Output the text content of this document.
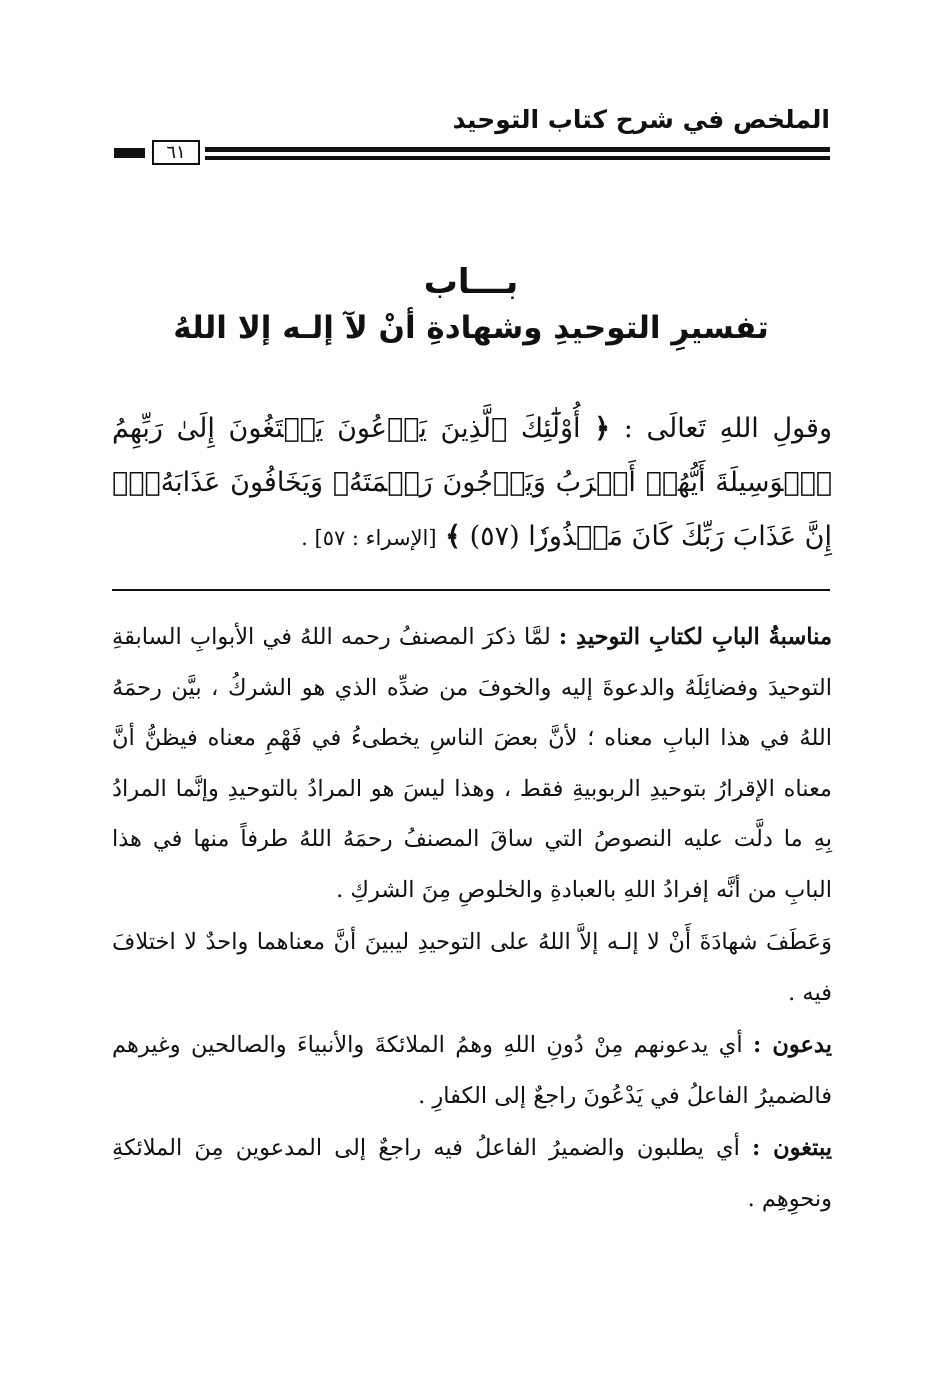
الملخص في شرح كتاب التوحيد
٦١
بـــاب
تفسيرِ التوحيدِ وشهادةِ أنْ لآ إلـه إلا اللهُ
وقولِ اللهِ تَعالَى : ﴿ أُوْلَٰٓئِكَ ٱلَّذِينَ يَدۡعُونَ يَبۡتَغُونَ إِلَىٰ رَبِّهِمُ ٱلۡوَسِيلَةَ أَيُّهُمۡ أَقۡرَبُ وَيَرۡجُونَ رَحۡمَتَهُۥ وَيَخَافُونَ عَذَابَهُۥٓۚ إِنَّ عَذَابَ رَبِّكَ كَانَ مَحۡذُورٗا (٥٧) ﴾ [الإسراء : ٥٧] .

مناسبةُ البابِ لكتابِ التوحيدِ : لمَّا ذكرَ المصنفُ رحمه اللهُ في الأبوابِ السابقةِ التوحيدَ وفضائِلَهُ والدعوةَ إليه والخوفَ من ضدِّه الذي هو الشركُ ، بيَّن رحمَهُ اللهُ في هذا البابِ معناه ؛ لأنَّ بعضَ الناسِ يخطىءُ في فَهْمِ معناه فيظنُّ أنَّ معناه الإقرارُ بتوحيدِ الربوبيةِ فقط ، وهذا ليسَ هو المرادُ بالتوحيدِ وإنَّما المرادُ بِهِ ما دلَّت عليه النصوصُ التي ساقَ المصنفُ رحمَهُ اللهُ طرفاً منها في هذا البابِ من أنَّه إفرادُ اللهِ بالعبادةِ والخلوصِ مِنَ الشركِ .

وَعَطَفَ شهادَةَ أَنْ لا إلـه إلاَّ اللهُ على التوحيدِ ليبينَ أنَّ معناهما واحدٌ لا اختلافَ فيه .

يدعون : أي يدعونهم مِنْ دُونِ اللهِ وهمُ الملائكةَ والأنبياءَ والصالحين وغيرهم فالضميرُ الفاعلُ في يَدْعُونَ راجعٌ إلى الكفارِ .

يبتغون : أي يطلبون والضميرُ الفاعلُ فيه راجعٌ إلى المدعوين مِنَ الملائكةِ ونحوِهِم .
